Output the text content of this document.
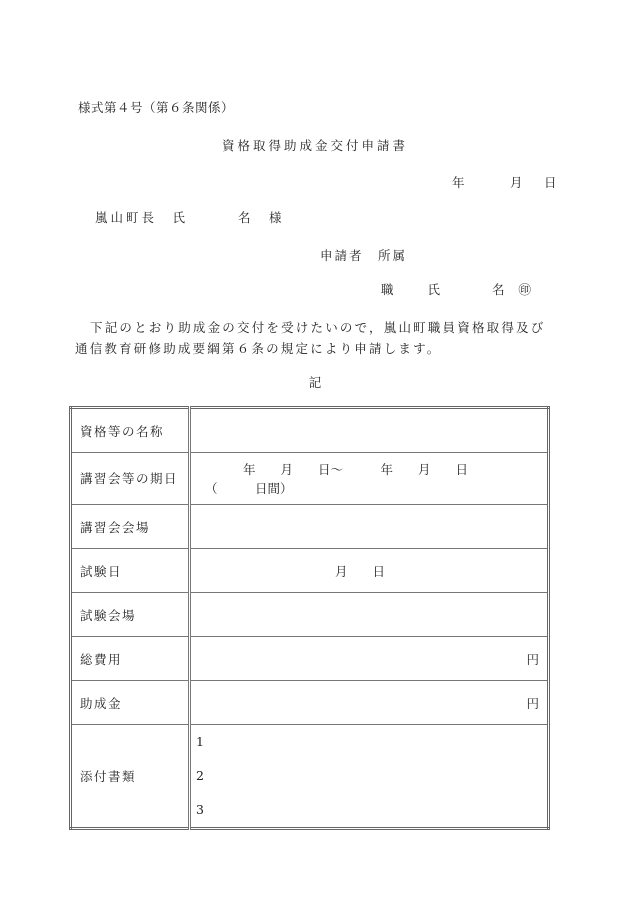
様式第４号（第６条関係）
資格取得助成金交付申請書
年	月 日
嵐山町長　氏	名　様
申請者　所属
職	氏	名 ㊞
下記のとおり助成金の交付を受けたいので，嵐山町職員資格取得及び通信教育研修助成要綱第６条の規定により申請します。
記
資格等の名称	
講習会等の期日	年　　月　　日～　　　年　　月　　日
（　　　日間）

講習会会場	
試験日	月　　日
試験会場	
総費用	円

助成金	円

添付書類	1
2
3
